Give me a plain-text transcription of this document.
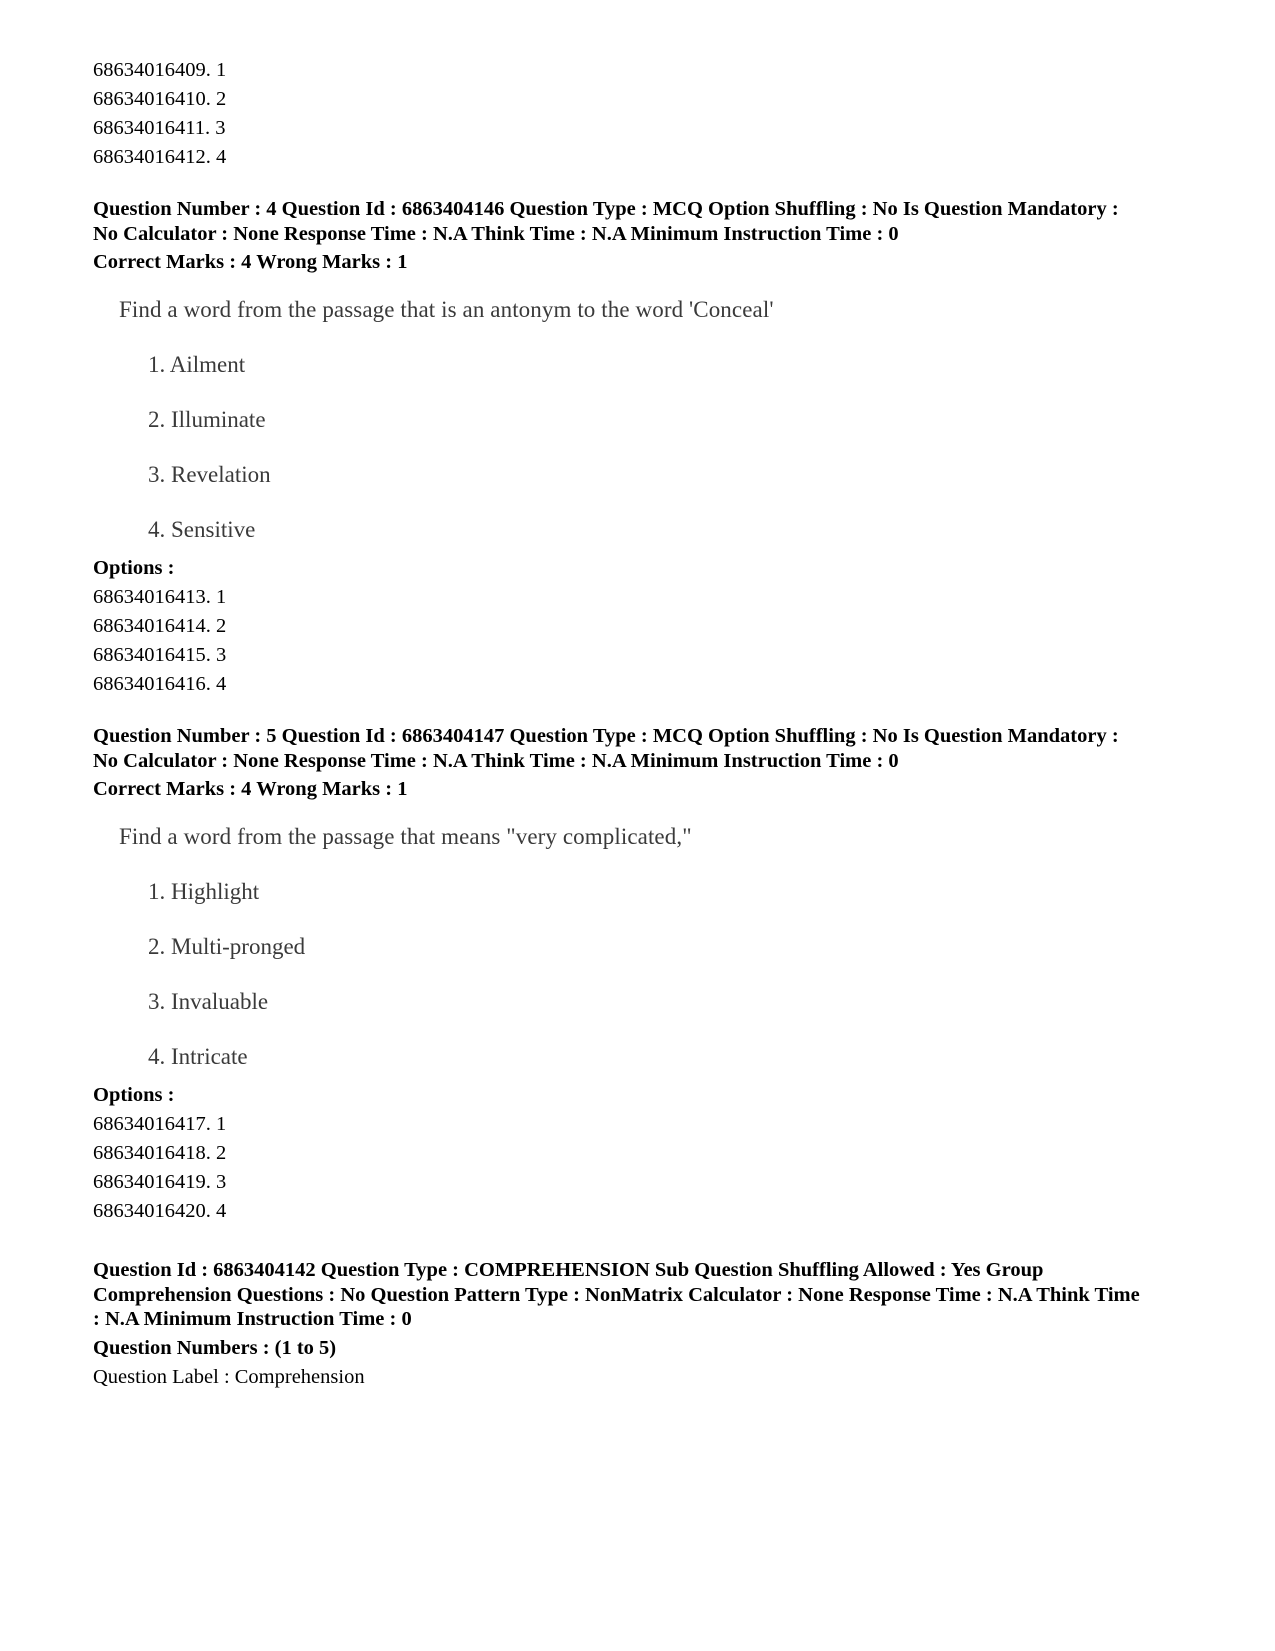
68634016409. 1
68634016410. 2
68634016411. 3
68634016412. 4
Question Number : 4 Question Id : 6863404146 Question Type : MCQ Option Shuffling : No Is Question Mandatory :
No Calculator : None Response Time : N.A Think Time : N.A Minimum Instruction Time : 0
Correct Marks : 4 Wrong Marks : 1
Find a word from the passage that is an antonym to the word 'Conceal'
1. Ailment
2. Illuminate
3. Revelation
4. Sensitive
Options :
68634016413. 1
68634016414. 2
68634016415. 3
68634016416. 4
Question Number : 5 Question Id : 6863404147 Question Type : MCQ Option Shuffling : No Is Question Mandatory :
No Calculator : None Response Time : N.A Think Time : N.A Minimum Instruction Time : 0
Correct Marks : 4 Wrong Marks : 1
Find a word from the passage that means "very complicated,"
1. Highlight
2. Multi-pronged
3. Invaluable
4. Intricate
Options :
68634016417. 1
68634016418. 2
68634016419. 3
68634016420. 4
Question Id : 6863404142 Question Type : COMPREHENSION Sub Question Shuffling Allowed : Yes Group
Comprehension Questions : No Question Pattern Type : NonMatrix Calculator : None Response Time : N.A Think Time
: N.A Minimum Instruction Time : 0
Question Numbers : (1 to 5)
Question Label : Comprehension
